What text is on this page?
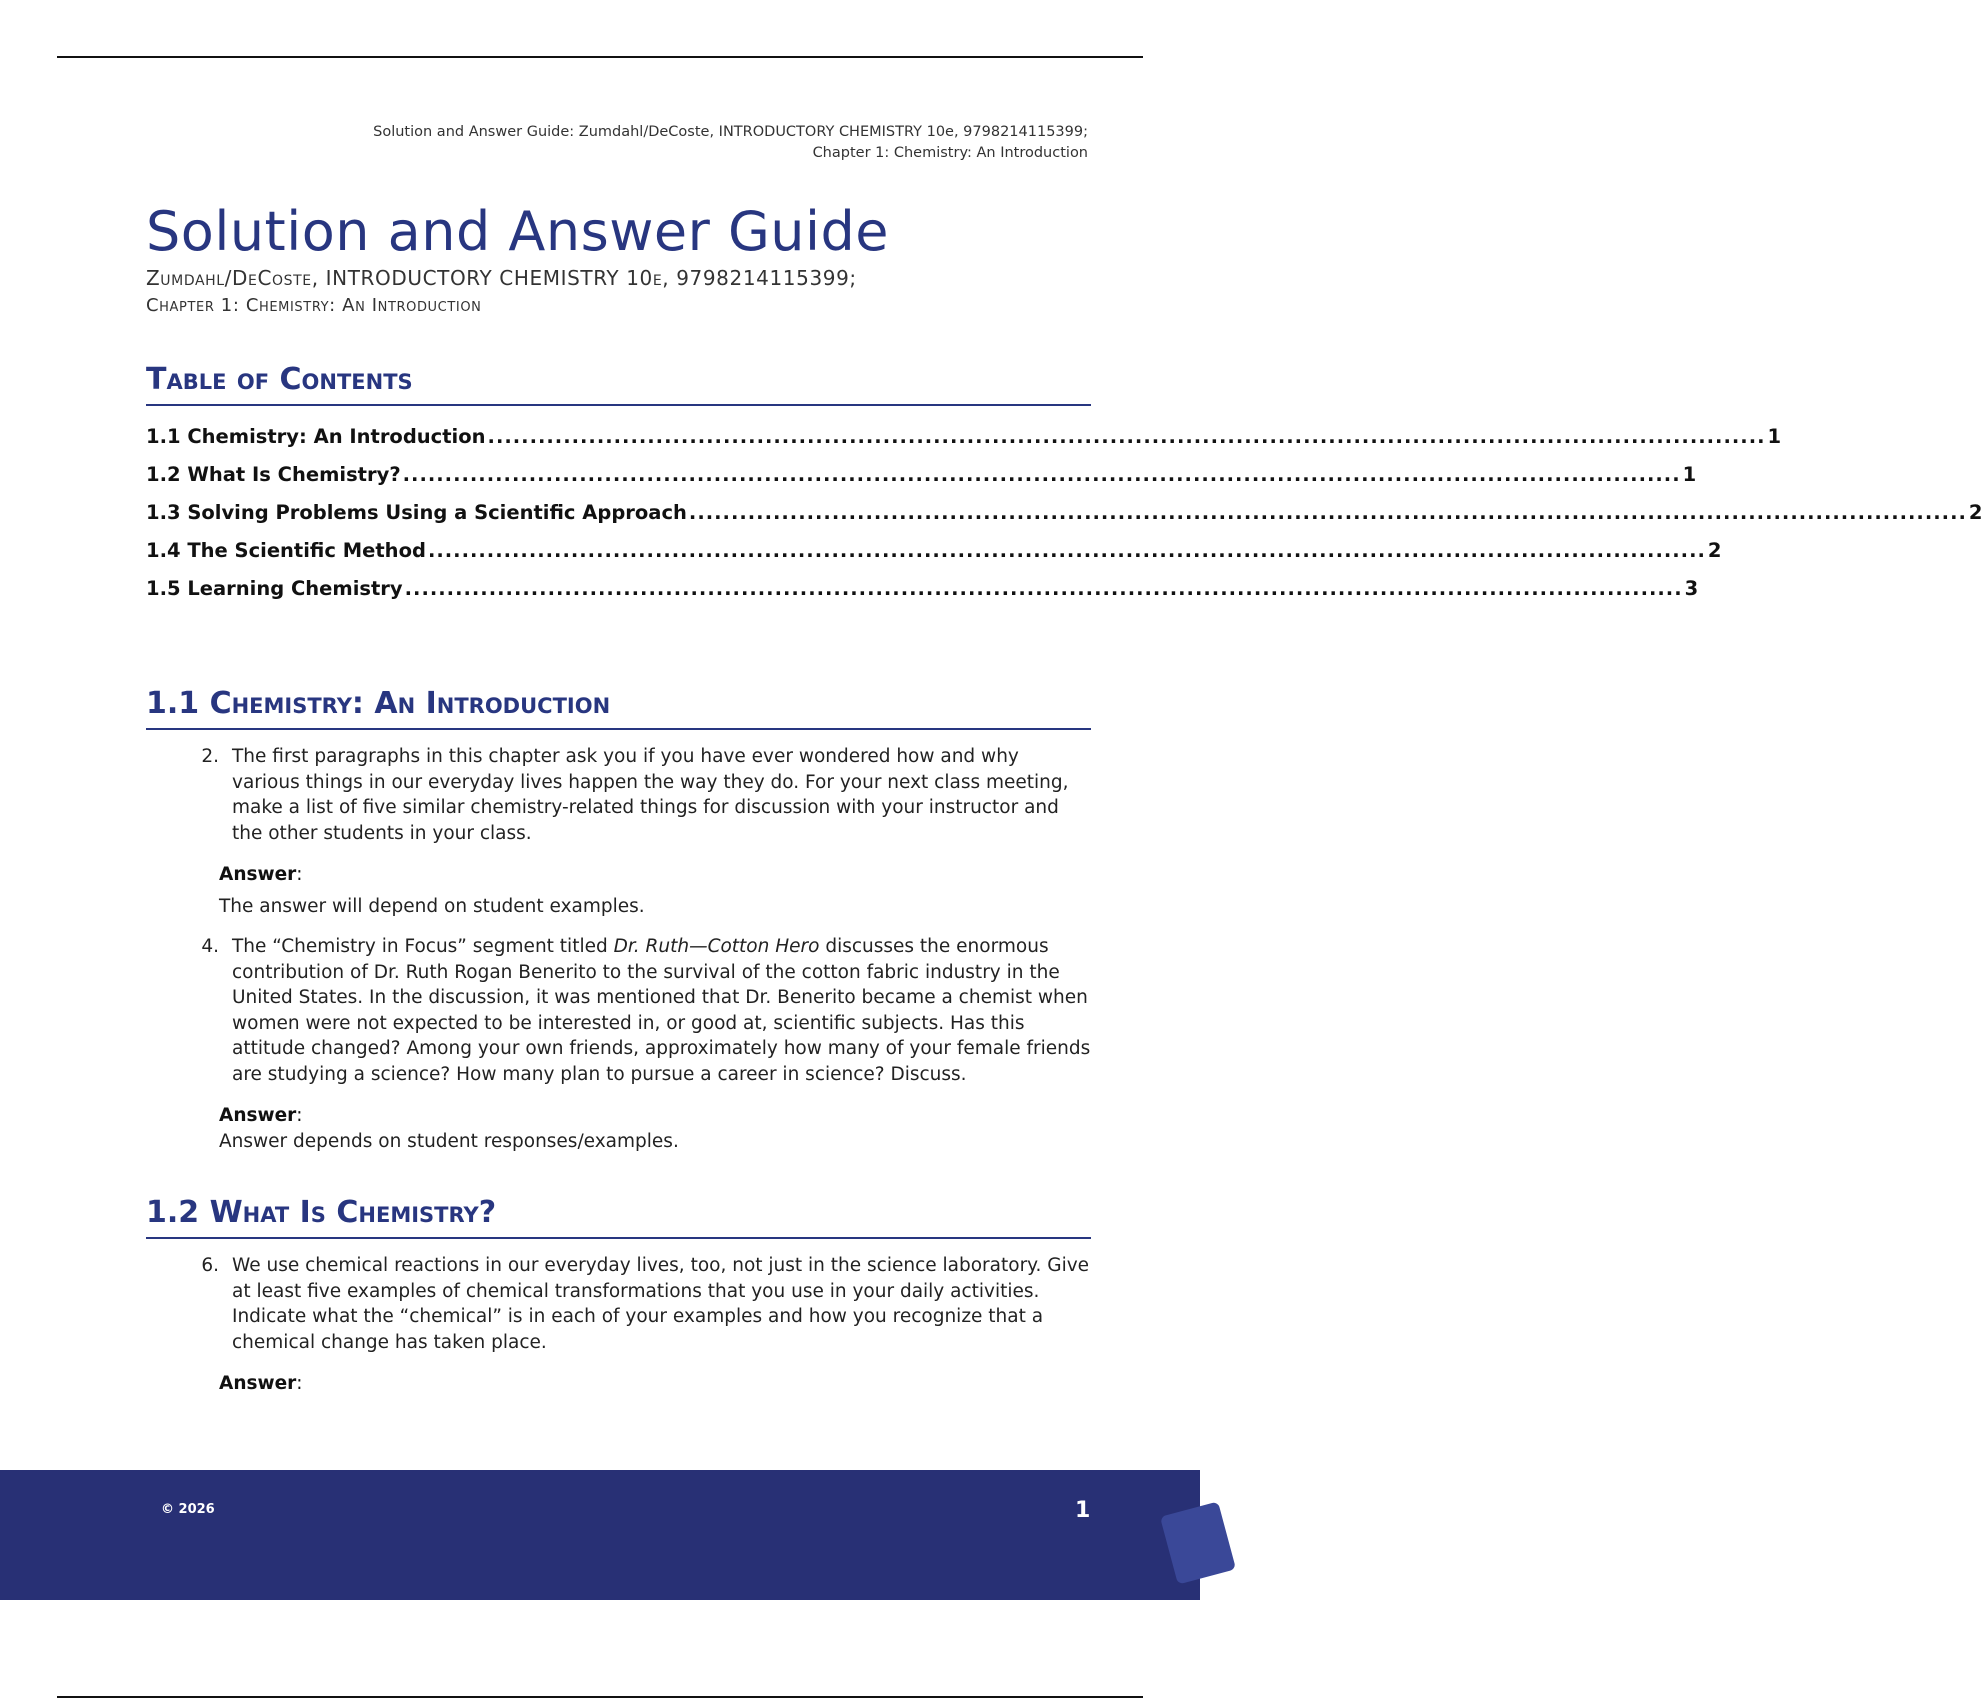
Solution and Answer Guide: Zumdahl/DeCoste, INTRODUCTORY CHEMISTRY 10e, 9798214115399;
Chapter 1: Chemistry: An Introduction
Solution and Answer Guide

Zumdahl/DeCoste, INTRODUCTORY CHEMISTRY 10e, 9798214115399;

Chapter 1: Chemistry: An Introduction

Table of Contents
1.1 Chemistry: An Introduction ........................................................................................................................................................ 1
1.2 What Is Chemistry? ........................................................................................................................................................ 1
1.3 Solving Problems Using a Scientific Approach ........................................................................................................................................................ 2
1.4 The Scientific Method ........................................................................................................................................................ 2
1.5 Learning Chemistry ........................................................................................................................................................ 3
1.1 Chemistry: An Introduction
2. The first paragraphs in this chapter ask you if you have ever wondered how and why various things in our everyday lives happen the way they do. For your next class meeting, make a list of five similar chemistry-related things for discussion with your instructor and the other students in your class.
Answer:
The answer will depend on student examples.
4. The “Chemistry in Focus” segment titled Dr. Ruth—Cotton Hero discusses the enormous contribution of Dr. Ruth Rogan Benerito to the survival of the cotton fabric industry in the United States. In the discussion, it was mentioned that Dr. Benerito became a chemist when women were not expected to be interested in, or good at, scientific subjects. Has this attitude changed? Among your own friends, approximately how many of your female friends are studying a science? How many plan to pursue a career in science? Discuss.
Answer:
Answer depends on student responses/examples.
1.2 What Is Chemistry?
6. We use chemical reactions in our everyday lives, too, not just in the science laboratory. Give at least five examples of chemical transformations that you use in your daily activities. Indicate what the “chemical” is in each of your examples and how you recognize that a chemical change has taken place.
Answer:
© 2026	1
